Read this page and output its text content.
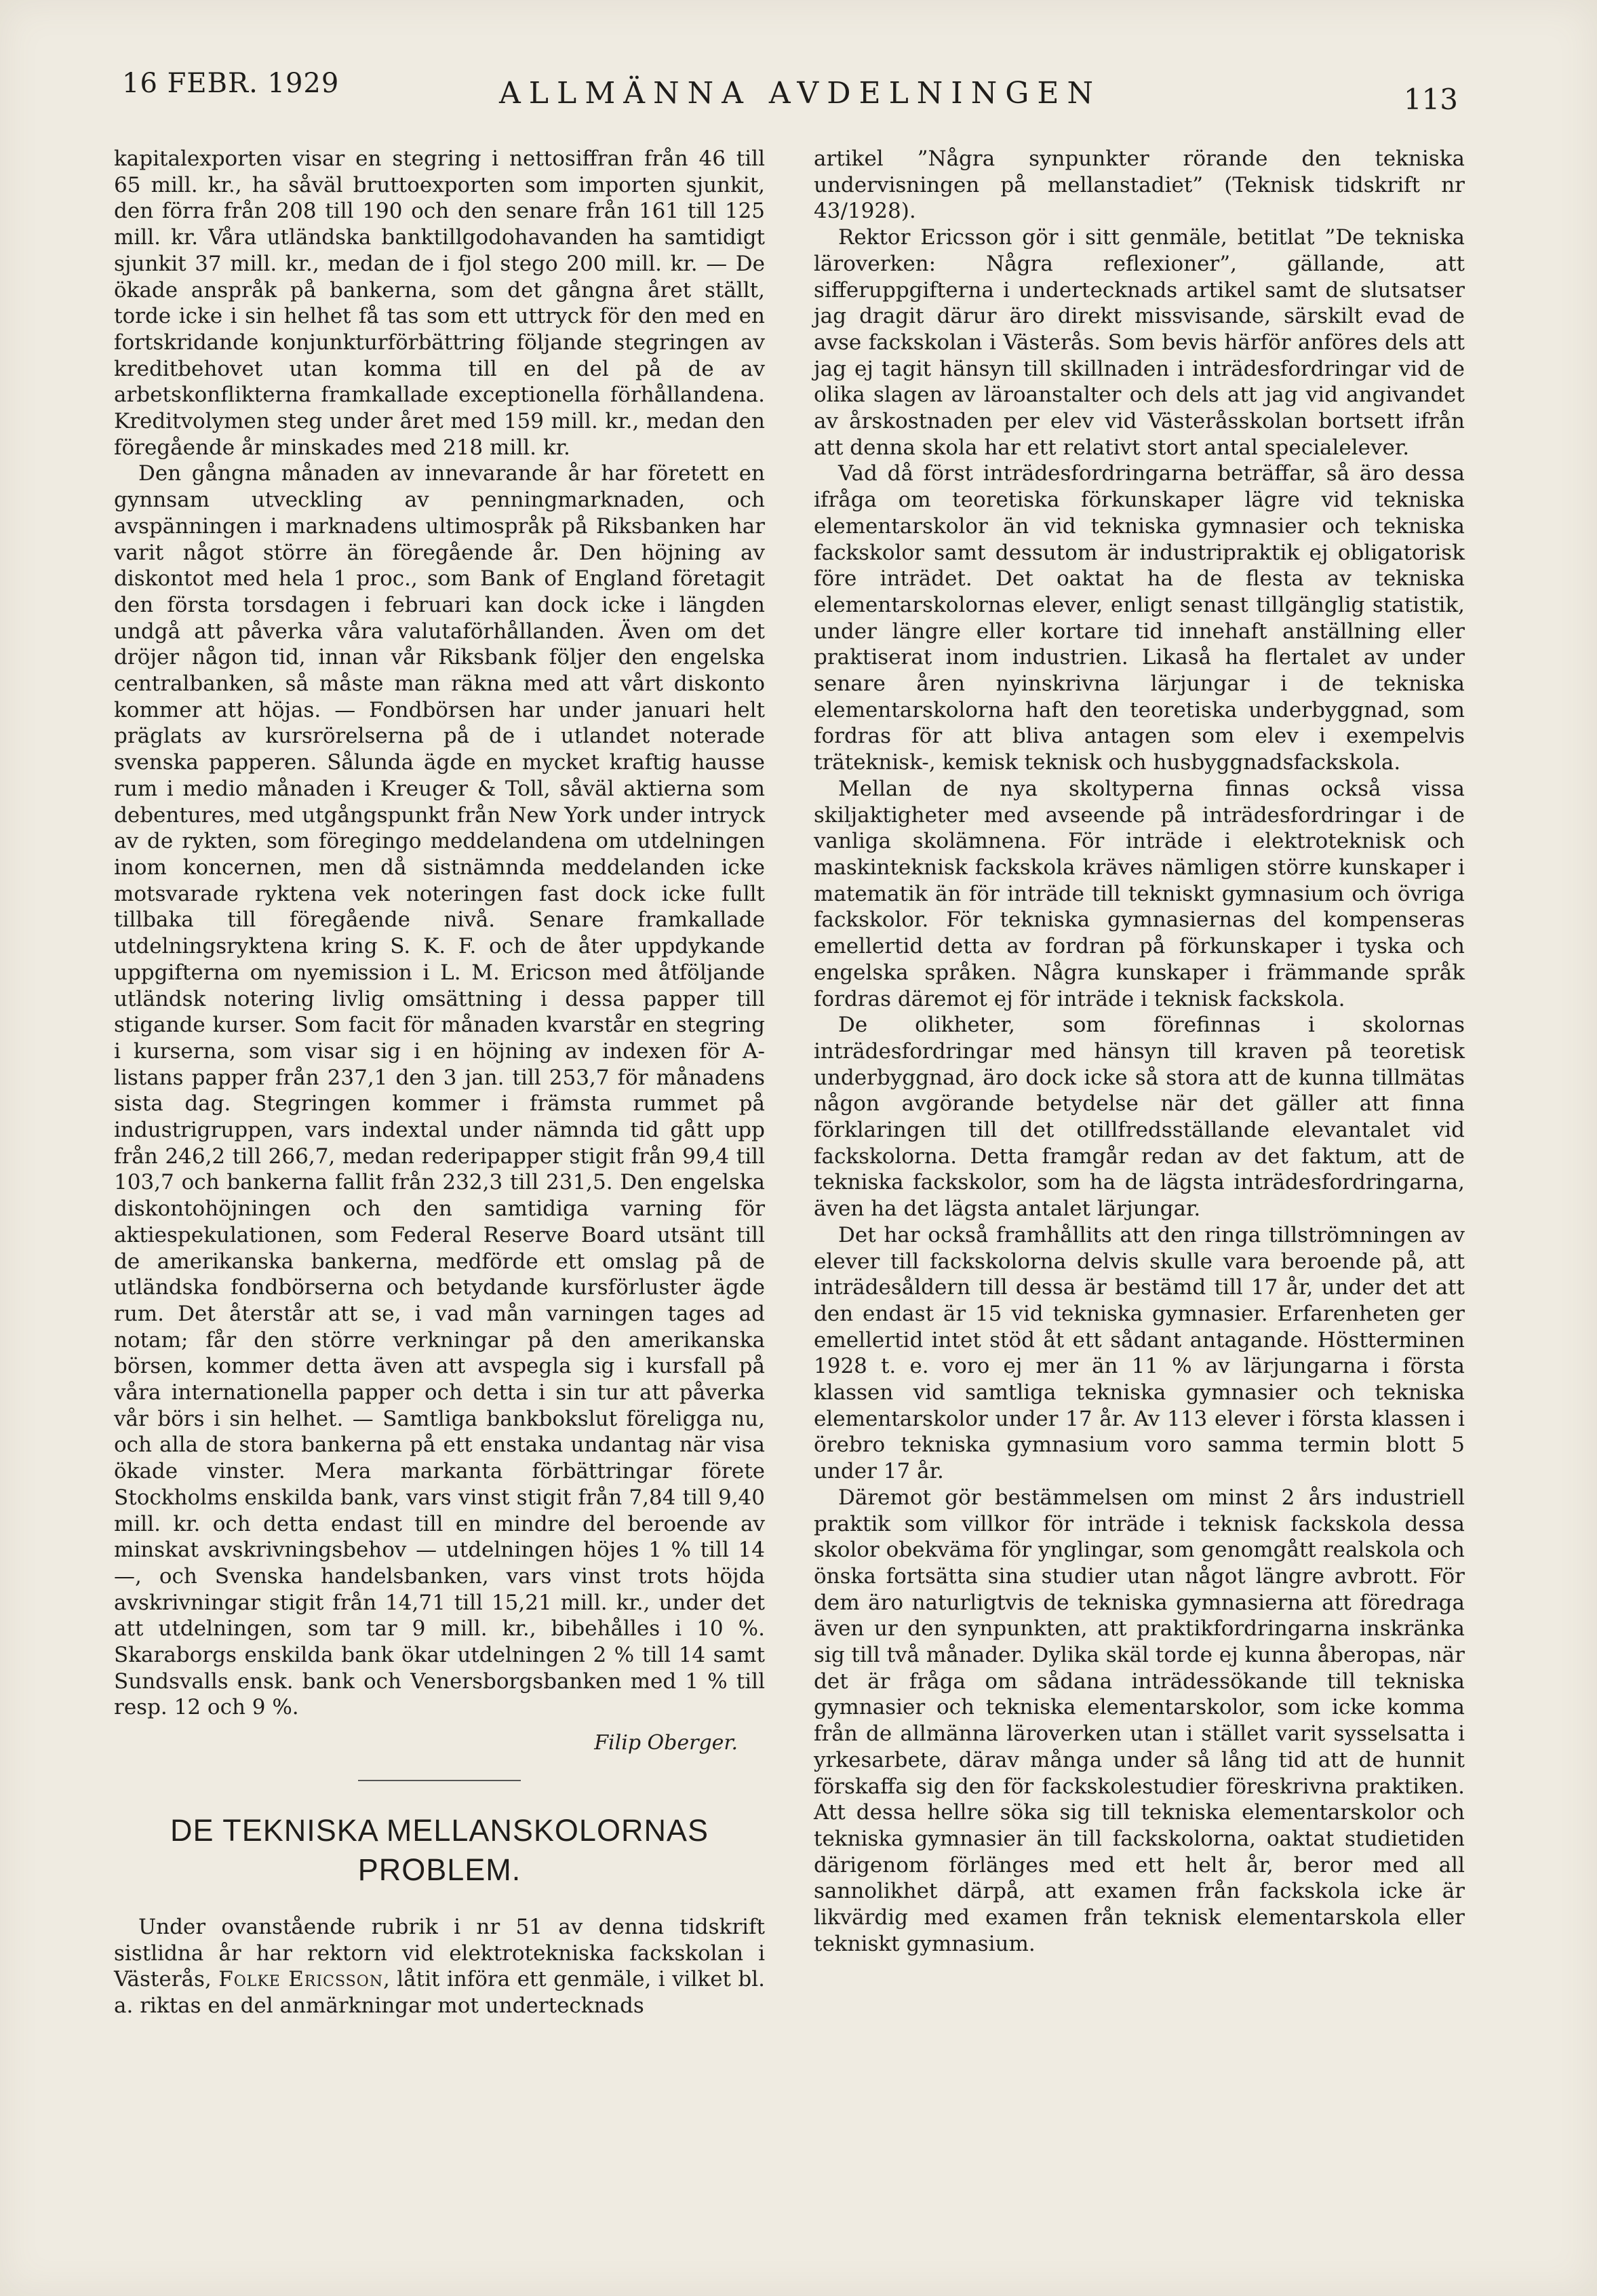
16 FEBR. 1929	ALLMÄNNA AVDELNINGEN	113

kapitalexporten visar en stegring i nettosiffran från 46 till 65 mill. kr., ha såväl bruttoexporten som importen sjunkit, den förra från 208 till 190 och den senare från 161 till 125 mill. kr. Våra utländska banktillgodohavanden ha samtidigt sjunkit 37 mill. kr., medan de i fjol stego 200 mill. kr. — De ökade anspråk på bankerna, som det gångna året ställt, torde icke i sin helhet få tas som ett uttryck för den med en fortskridande konjunkturförbättring följande stegringen av kreditbehovet utan komma till en del på de av arbetskonflikterna framkallade exceptionella förhållandena. Kreditvolymen steg under året med 159 mill. kr., medan den föregående år minskades med 218 mill. kr.

Den gångna månaden av innevarande år har företett en gynnsam utveckling av penningmarknaden, och avspänningen i marknadens ultimospråk på Riksbanken har varit något större än föregående år. Den höjning av diskontot med hela 1 proc., som Bank of England företagit den första torsdagen i februari kan dock icke i längden undgå att påverka våra valutaförhållanden. Även om det dröjer någon tid, innan vår Riksbank följer den engelska centralbanken, så måste man räkna med att vårt diskonto kommer att höjas. — Fondbörsen har under januari helt präglats av kursrörelserna på de i utlandet noterade svenska papperen. Sålunda ägde en mycket kraftig hausse rum i medio månaden i Kreuger & Toll, såväl aktierna som debentures, med utgångspunkt från New York under intryck av de rykten, som föregingo meddelandena om utdelningen inom koncernen, men då sistnämnda meddelanden icke motsvarade ryktena vek noteringen fast dock icke fullt tillbaka till föregående nivå. Senare framkallade utdelningsryktena kring S. K. F. och de åter uppdykande uppgifterna om nyemission i L. M. Ericson med åtföljande utländsk notering livlig omsättning i dessa papper till stigande kurser. Som facit för månaden kvarstår en stegring i kurserna, som visar sig i en höjning av indexen för A-listans papper från 237,1 den 3 jan. till 253,7 för månadens sista dag. Stegringen kommer i främsta rummet på industrigruppen, vars indextal under nämnda tid gått upp från 246,2 till 266,7, medan rederipapper stigit från 99,4 till 103,7 och bankerna fallit från 232,3 till 231,5. Den engelska diskontohöjningen och den samtidiga varning för aktiespekulationen, som Federal Reserve Board utsänt till de amerikanska bankerna, medförde ett omslag på de utländska fondbörserna och betydande kursförluster ägde rum. Det återstår att se, i vad mån varningen tages ad notam; får den större verkningar på den amerikanska börsen, kommer detta även att avspegla sig i kursfall på våra internationella papper och detta i sin tur att påverka vår börs i sin helhet. — Samtliga bankbokslut föreligga nu, och alla de stora bankerna på ett enstaka undantag när visa ökade vinster. Mera markanta förbättringar förete Stockholms enskilda bank, vars vinst stigit från 7,84 till 9,40 mill. kr. och detta endast till en mindre del beroende av minskat avskrivningsbehov — utdelningen höjes 1 % till 14 —, och Svenska handelsbanken, vars vinst trots höjda avskrivningar stigit från 14,71 till 15,21 mill. kr., under det att utdelningen, som tar 9 mill. kr., bibehålles i 10 %. Skaraborgs enskilda bank ökar utdelningen 2 % till 14 samt Sundsvalls ensk. bank och Venersborgsbanken med 1 % till resp. 12 och 9 %.

Filip Oberger.
DE TEKNISKA MELLANSKOLORNAS
PROBLEM.

Under ovanstående rubrik i nr 51 av denna tidskrift sistlidna år har rektorn vid elektrotekniska fackskolan i Västerås, Folke Ericsson, låtit införa ett genmäle, i vilket bl. a. riktas en del anmärkningar mot undertecknads

artikel ”Några synpunkter rörande den tekniska undervisningen på mellanstadiet” (Teknisk tidskrift nr 43/1928).

Rektor Ericsson gör i sitt genmäle, betitlat ”De tekniska läroverken: Några reflexioner”, gällande, att sifferuppgifterna i undertecknads artikel samt de slutsatser jag dragit därur äro direkt missvisande, särskilt evad de avse fackskolan i Västerås. Som bevis härför anföres dels att jag ej tagit hänsyn till skillnaden i inträdesfordringar vid de olika slagen av läroanstalter och dels att jag vid angivandet av årskostnaden per elev vid Västeråsskolan bortsett ifrån att denna skola har ett relativt stort antal specialelever.

Vad då först inträdesfordringarna beträffar, så äro dessa ifråga om teoretiska förkunskaper lägre vid tekniska elementarskolor än vid tekniska gymnasier och tekniska fackskolor samt dessutom är industripraktik ej obligatorisk före inträdet. Det oaktat ha de flesta av tekniska elementarskolornas elever, enligt senast tillgänglig statistik, under längre eller kortare tid innehaft anställning eller praktiserat inom industrien. Likaså ha flertalet av under senare åren nyinskrivna lärjungar i de tekniska elementarskolorna haft den teoretiska underbyggnad, som fordras för att bliva antagen som elev i exempelvis träteknisk-, kemisk teknisk och husbyggnadsfackskola.

Mellan de nya skoltyperna finnas också vissa skiljaktigheter med avseende på inträdesfordringar i de vanliga skolämnena. För inträde i elektroteknisk och maskinteknisk fackskola kräves nämligen större kunskaper i matematik än för inträde till tekniskt gymnasium och övriga fackskolor. För tekniska gymnasiernas del kompenseras emellertid detta av fordran på förkunskaper i tyska och engelska språken. Några kunskaper i främmande språk fordras däremot ej för inträde i teknisk fackskola.

De olikheter, som förefinnas i skolornas inträdesfordringar med hänsyn till kraven på teoretisk underbyggnad, äro dock icke så stora att de kunna tillmätas någon avgörande betydelse när det gäller att finna förklaringen till det otillfredsställande elevantalet vid fackskolorna. Detta framgår redan av det faktum, att de tekniska fackskolor, som ha de lägsta inträdesfordringarna, även ha det lägsta antalet lärjungar.

Det har också framhållits att den ringa tillströmningen av elever till fackskolorna delvis skulle vara beroende på, att inträdesåldern till dessa är bestämd till 17 år, under det att den endast är 15 vid tekniska gymnasier. Erfarenheten ger emellertid intet stöd åt ett sådant antagande. Höstterminen 1928 t. e. voro ej mer än 11 % av lärjungarna i första klassen vid samtliga tekniska gymnasier och tekniska elementarskolor under 17 år. Av 113 elever i första klassen i örebro tekniska gymnasium voro samma termin blott 5 under 17 år.

Däremot gör bestämmelsen om minst 2 års industriell praktik som villkor för inträde i teknisk fackskola dessa skolor obekväma för ynglingar, som genomgått realskola och önska fortsätta sina studier utan något längre avbrott. För dem äro naturligtvis de tekniska gymnasierna att föredraga även ur den synpunkten, att praktikfordringarna inskränka sig till två månader. Dylika skäl torde ej kunna åberopas, när det är fråga om sådana inträdessökande till tekniska gymnasier och tekniska elementarskolor, som icke komma från de allmänna läroverken utan i stället varit sysselsatta i yrkesarbete, därav många under så lång tid att de hunnit förskaffa sig den för fackskolestudier föreskrivna praktiken. Att dessa hellre söka sig till tekniska elementarskolor och tekniska gymnasier än till fackskolorna, oaktat studietiden därigenom förlänges med ett helt år, beror med all sannolikhet därpå, att examen från fackskola icke är likvärdig med examen från teknisk elementarskola eller tekniskt gymnasium.
